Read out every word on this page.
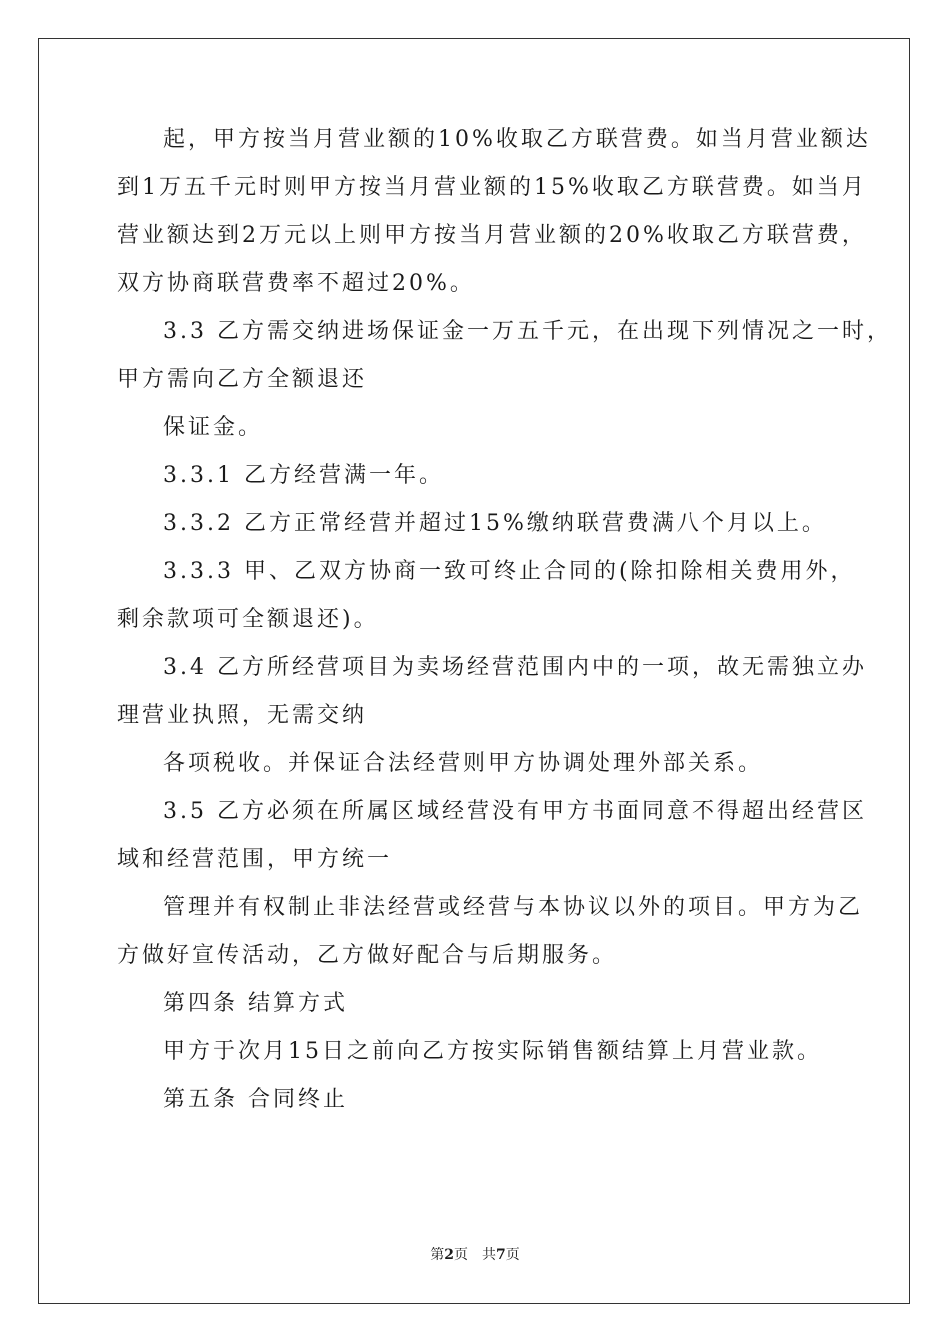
起，甲方按当月营业额的10%收取乙方联营费。如当月营业额达
到1万五千元时则甲方按当月营业额的15%收取乙方联营费。如当月
营业额达到2万元以上则甲方按当月营业额的20%收取乙方联营费，
双方协商联营费率不超过20%。
3.3 乙方需交纳进场保证金一万五千元，在出现下列情况之一时，
甲方需向乙方全额退还
保证金。
3.3.1 乙方经营满一年。
3.3.2 乙方正常经营并超过15%缴纳联营费满八个月以上。
3.3.3 甲、乙双方协商一致可终止合同的(除扣除相关费用外，
剩余款项可全额退还)。
3.4 乙方所经营项目为卖场经营范围内中的一项，故无需独立办
理营业执照，无需交纳
各项税收。并保证合法经营则甲方协调处理外部关系。
3.5 乙方必须在所属区域经营没有甲方书面同意不得超出经营区
域和经营范围，甲方统一
管理并有权制止非法经营或经营与本协议以外的项目。甲方为乙
方做好宣传活动，乙方做好配合与后期服务。
第四条 结算方式
甲方于次月15日之前向乙方按实际销售额结算上月营业款。
第五条 合同终止
第2页 共7页
